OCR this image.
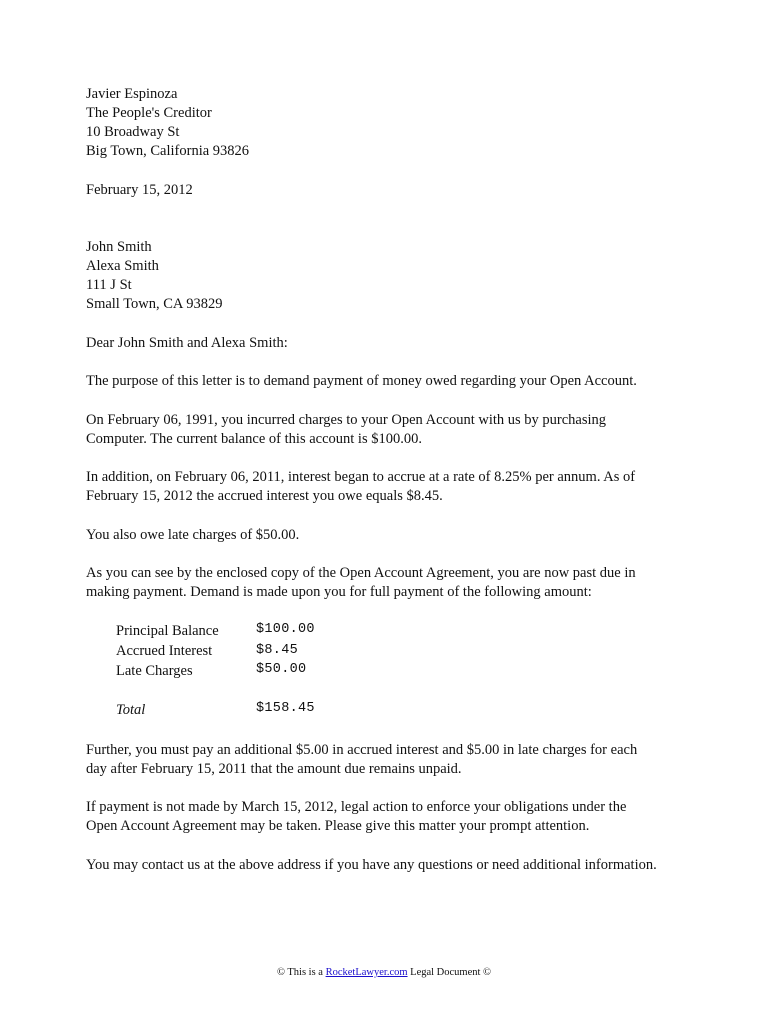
Javier Espinoza
The People's Creditor
10 Broadway St
Big Town, California 93826
February 15, 2012
John Smith
Alexa Smith
111 J St
Small Town, CA 93829
Dear John Smith and Alexa Smith:
The purpose of this letter is to demand payment of money owed regarding your Open Account.
On February 06, 1991, you incurred charges to your Open Account with us by purchasing
Computer. The current balance of this account is $100.00.
In addition, on February 06, 2011, interest began to accrue at a rate of 8.25% per annum. As of
February 15, 2012 the accrued interest you owe equals $8.45.
You also owe late charges of $50.00.
As you can see by the enclosed copy of the Open Account Agreement, you are now past due in
making payment. Demand is made upon you for full payment of the following amount:
Principal Balance	$100.00
Accrued Interest	$8.45
Late Charges	$50.00
Total	$158.45
Further, you must pay an additional $5.00 in accrued interest and $5.00 in late charges for each
day after February 15, 2011 that the amount due remains unpaid.
If payment is not made by March 15, 2012, legal action to enforce your obligations under the
Open Account Agreement may be taken. Please give this matter your prompt attention.
You may contact us at the above address if you have any questions or need additional information.
© This is a RocketLawyer.com Legal Document ©
